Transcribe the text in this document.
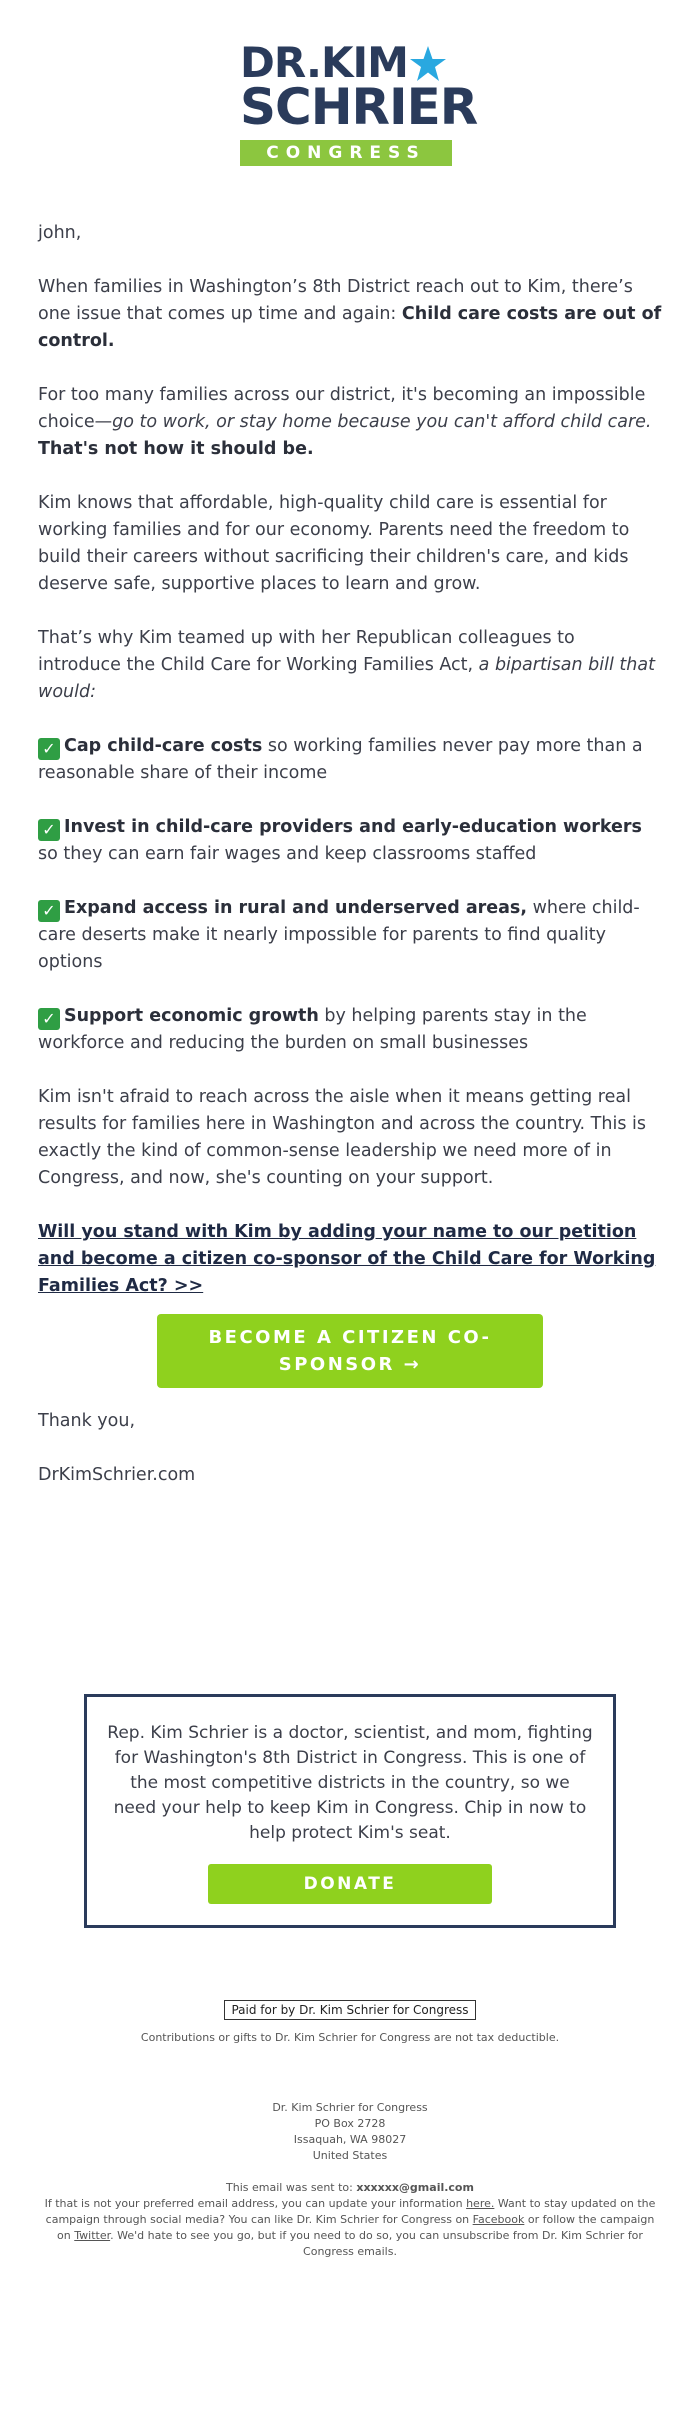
DR.KIM
SCHRIER
CONGRESS

john,

When families in Washington’s 8th District reach out to Kim, there’s one issue that comes up time and again: Child care costs are out of control.

For too many families across our district, it's becoming an impossible choice—go to work, or stay home because you can't afford child care. That's not how it should be.

Kim knows that affordable, high-quality child care is essential for working families and for our economy. Parents need the freedom to build their careers without sacrificing their children's care, and kids deserve safe, supportive places to learn and grow.

That’s why Kim teamed up with her Republican colleagues to introduce the Child Care for Working Families Act, a bipartisan bill that would:

✓ Cap child-care costs so working families never pay more than a reasonable share of their income

✓ Invest in child-care providers and early-education workers so they can earn fair wages and keep classrooms staffed

✓ Expand access in rural and underserved areas, where child-care deserts make it nearly impossible for parents to find quality options

✓ Support economic growth by helping parents stay in the workforce and reducing the burden on small businesses

Kim isn't afraid to reach across the aisle when it means getting real results for families here in Washington and across the country. This is exactly the kind of common-sense leadership we need more of in Congress, and now, she's counting on your support.

Will you stand with Kim by adding your name to our petition and become a citizen co-sponsor of the Child Care for Working Families Act? >>
BECOME A CITIZEN CO-SPONSOR →

Thank you,

DrKimSchrier.com

Rep. Kim Schrier is a doctor, scientist, and mom, fighting for Washington's 8th District in Congress. This is one of the most competitive districts in the country, so we need your help to keep Kim in Congress. Chip in now to help protect Kim's seat.
DONATE
Paid for by Dr. Kim Schrier for Congress
Contributions or gifts to Dr. Kim Schrier for Congress are not tax deductible.
Dr. Kim Schrier for Congress
PO Box 2728
Issaquah, WA 98027
United States
This email was sent to: xxxxxx@gmail.com
If that is not your preferred email address, you can update your information here. Want to stay updated on the campaign through social media? You can like Dr. Kim Schrier for Congress on Facebook or follow the campaign on Twitter. We'd hate to see you go, but if you need to do so, you can unsubscribe from Dr. Kim Schrier for Congress emails.
